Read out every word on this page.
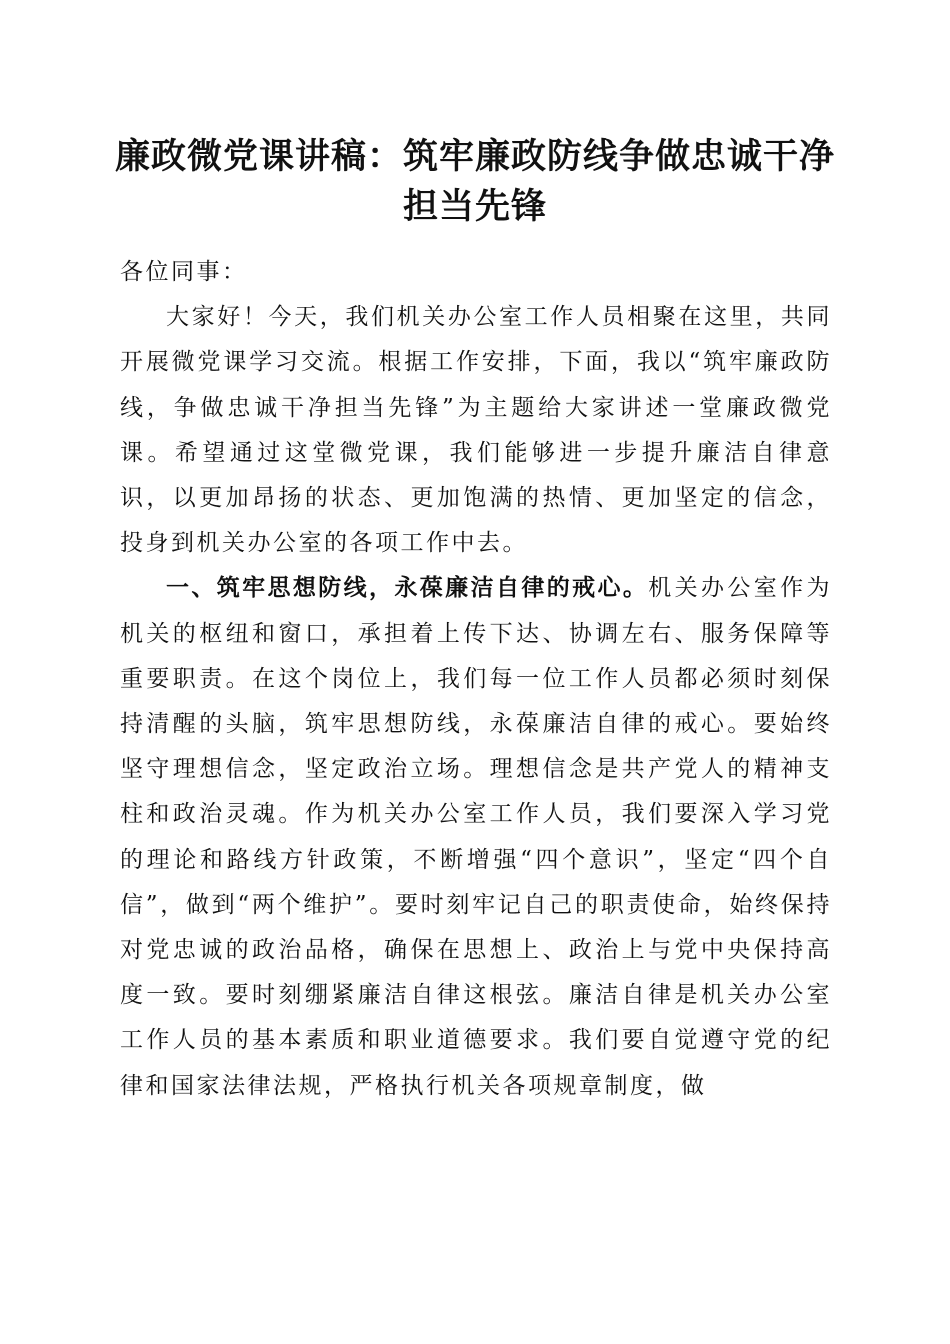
廉政微党课讲稿：筑牢廉政防线争做忠诚干净担当先锋

各位同事：

大家好！今天，我们机关办公室工作人员相聚在这里，共同开展微党课学习交流。根据工作安排，下面，我以“筑牢廉政防线，争做忠诚干净担当先锋”为主题给大家讲述一堂廉政微党课。希望通过这堂微党课，我们能够进一步提升廉洁自律意识，以更加昂扬的状态、更加饱满的热情、更加坚定的信念，投身到机关办公室的各项工作中去。

一、筑牢思想防线，永葆廉洁自律的戒心。机关办公室作为机关的枢纽和窗口，承担着上传下达、协调左右、服务保障等重要职责。在这个岗位上，我们每一位工作人员都必须时刻保持清醒的头脑，筑牢思想防线，永葆廉洁自律的戒心。要始终坚守理想信念，坚定政治立场。理想信念是共产党人的精神支柱和政治灵魂。作为机关办公室工作人员，我们要深入学习党的理论和路线方针政策，不断增强“四个意识”，坚定“四个自信”，做到“两个维护”。要时刻牢记自己的职责使命，始终保持对党忠诚的政治品格，确保在思想上、政治上与党中央保持高度一致。要时刻绷紧廉洁自律这根弦。廉洁自律是机关办公室工作人员的基本素质和职业道德要求。我们要自觉遵守党的纪律和国家法律法规，严格执行机关各项规章制度，做
